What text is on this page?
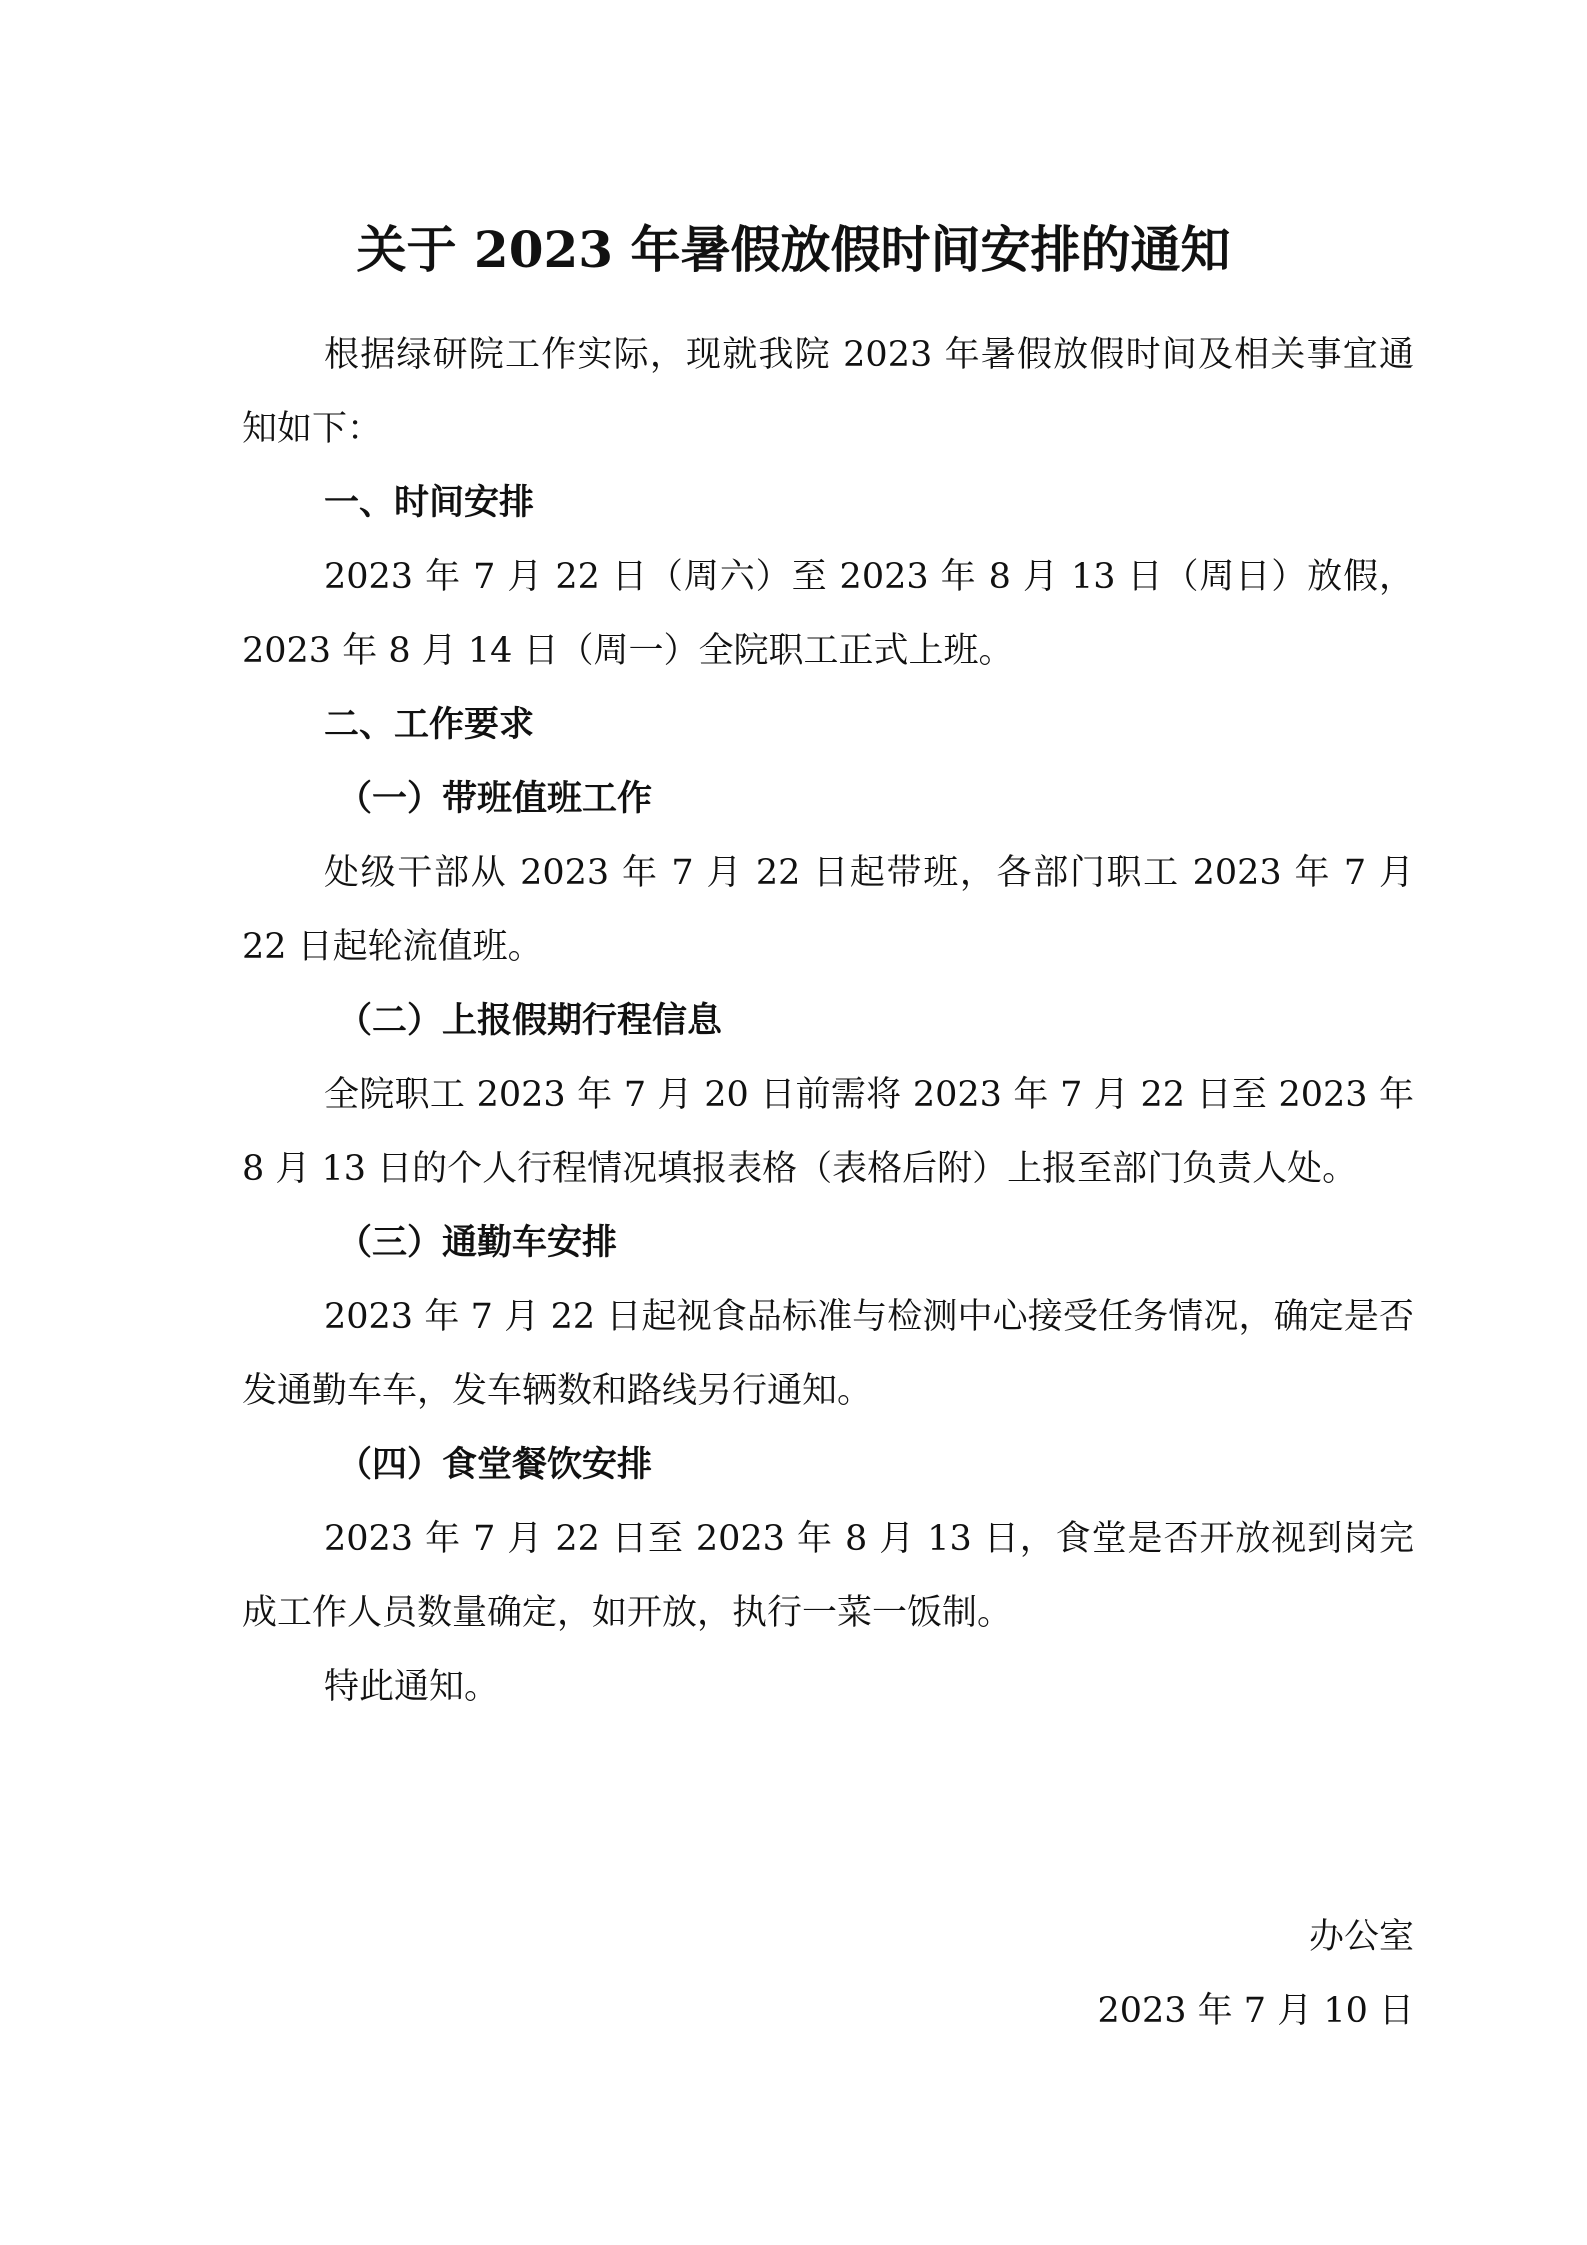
关于 2023 年暑假放假时间安排的通知

根据绿研院工作实际，现就我院 2023 年暑假放假时间及相关事宜通知如下：

一、时间安排

2023 年 7 月 22 日（周六）至 2023 年 8 月 13 日（周日）放假，2023 年 8 月 14 日（周一）全院职工正式上班。

二、工作要求

（一）带班值班工作

处级干部从 2023 年 7 月 22 日起带班，各部门职工 2023 年 7 月 22 日起轮流值班。

（二）上报假期行程信息

全院职工 2023 年 7 月 20 日前需将 2023 年 7 月 22 日至 2023 年 8 月 13 日的个人行程情况填报表格（表格后附）上报至部门负责人处。

（三）通勤车安排

2023 年 7 月 22 日起视食品标准与检测中心接受任务情况，确定是否发通勤车车，发车辆数和路线另行通知。

（四）食堂餐饮安排

2023 年 7 月 22 日至 2023 年 8 月 13 日，食堂是否开放视到岗完成工作人员数量确定，如开放，执行一菜一饭制。

特此通知。

办公室
2023 年 7 月 10 日
